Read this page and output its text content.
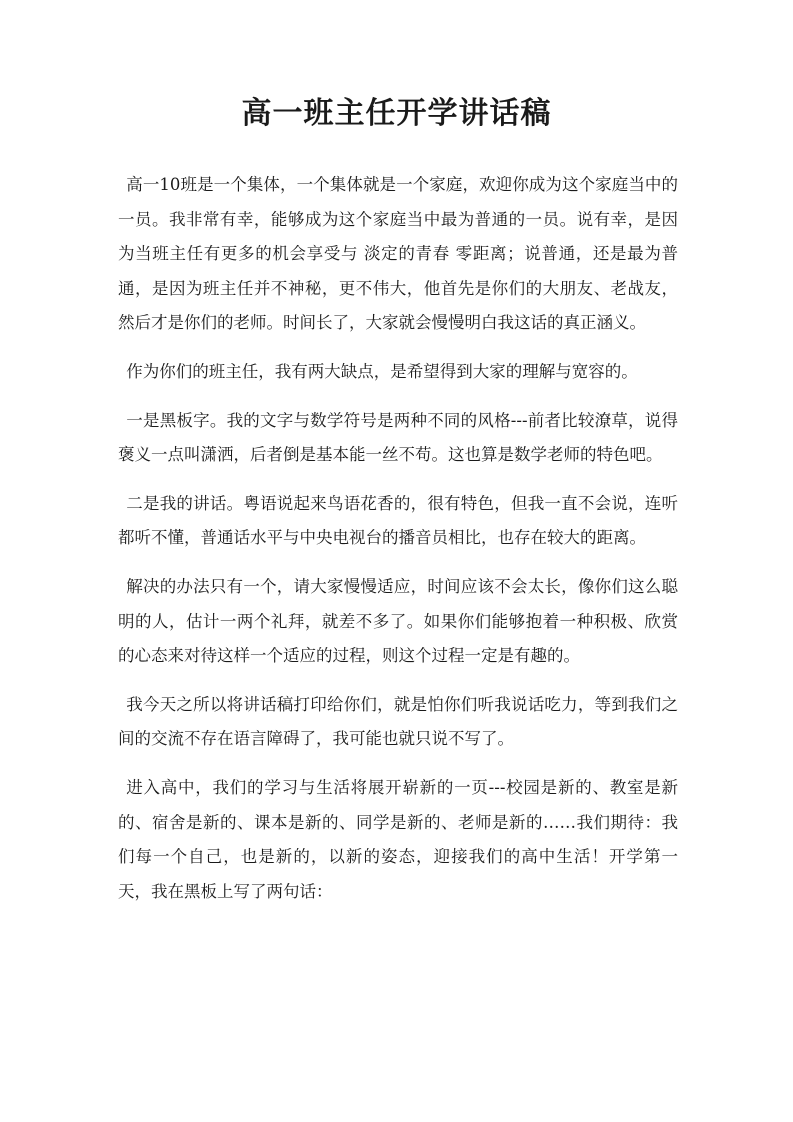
高一班主任开学讲话稿

高一10班是一个集体，一个集体就是一个家庭，欢迎你成为这个家庭当中的一员。我非常有幸，能够成为这个家庭当中最为普通的一员。说有幸，是因为当班主任有更多的机会享受与 淡定的青春 零距离；说普通，还是最为普通，是因为班主任并不神秘，更不伟大，他首先是你们的大朋友、老战友，然后才是你们的老师。时间长了，大家就会慢慢明白我这话的真正涵义。

作为你们的班主任，我有两大缺点，是希望得到大家的理解与宽容的。

一是黑板字。我的文字与数学符号是两种不同的风格---前者比较潦草，说得褒义一点叫潇洒，后者倒是基本能一丝不苟。这也算是数学老师的特色吧。

二是我的讲话。粤语说起来鸟语花香的，很有特色，但我一直不会说，连听都听不懂，普通话水平与中央电视台的播音员相比，也存在较大的距离。

解决的办法只有一个，请大家慢慢适应，时间应该不会太长，像你们这么聪明的人，估计一两个礼拜，就差不多了。如果你们能够抱着一种积极、欣赏的心态来对待这样一个适应的过程，则这个过程一定是有趣的。

我今天之所以将讲话稿打印给你们，就是怕你们听我说话吃力，等到我们之间的交流不存在语言障碍了，我可能也就只说不写了。

进入高中，我们的学习与生活将展开崭新的一页---校园是新的、教室是新的、宿舍是新的、课本是新的、同学是新的、老师是新的……我们期待：我们每一个自己，也是新的，以新的姿态，迎接我们的高中生活！开学第一天，我在黑板上写了两句话：
